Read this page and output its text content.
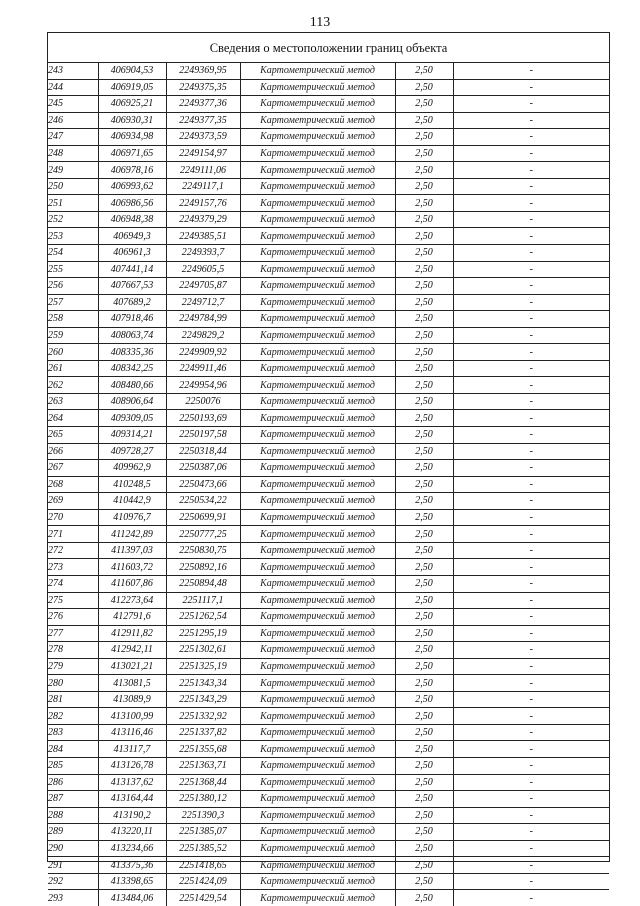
113
Сведения о местоположении границ объекта
243	406904,53	2249369,95	Картометрический метод	2,50	-
244	406919,05	2249375,35	Картометрический метод	2,50	-
245	406925,21	2249377,36	Картометрический метод	2,50	-
246	406930,31	2249377,35	Картометрический метод	2,50	-
247	406934,98	2249373,59	Картометрический метод	2,50	-
248	406971,65	2249154,97	Картометрический метод	2,50	-
249	406978,16	2249111,06	Картометрический метод	2,50	-
250	406993,62	2249117,1	Картометрический метод	2,50	-
251	406986,56	2249157,76	Картометрический метод	2,50	-
252	406948,38	2249379,29	Картометрический метод	2,50	-
253	406949,3	2249385,51	Картометрический метод	2,50	-
254	406961,3	2249393,7	Картометрический метод	2,50	-
255	407441,14	2249605,5	Картометрический метод	2,50	-
256	407667,53	2249705,87	Картометрический метод	2,50	-
257	407689,2	2249712,7	Картометрический метод	2,50	-
258	407918,46	2249784,99	Картометрический метод	2,50	-
259	408063,74	2249829,2	Картометрический метод	2,50	-
260	408335,36	2249909,92	Картометрический метод	2,50	-
261	408342,25	2249911,46	Картометрический метод	2,50	-
262	408480,66	2249954,96	Картометрический метод	2,50	-
263	408906,64	2250076	Картометрический метод	2,50	-
264	409309,05	2250193,69	Картометрический метод	2,50	-
265	409314,21	2250197,58	Картометрический метод	2,50	-
266	409728,27	2250318,44	Картометрический метод	2,50	-
267	409962,9	2250387,06	Картометрический метод	2,50	-
268	410248,5	2250473,66	Картометрический метод	2,50	-
269	410442,9	2250534,22	Картометрический метод	2,50	-
270	410976,7	2250699,91	Картометрический метод	2,50	-
271	411242,89	2250777,25	Картометрический метод	2,50	-
272	411397,03	2250830,75	Картометрический метод	2,50	-
273	411603,72	2250892,16	Картометрический метод	2,50	-
274	411607,86	2250894,48	Картометрический метод	2,50	-
275	412273,64	2251117,1	Картометрический метод	2,50	-
276	412791,6	2251262,54	Картометрический метод	2,50	-
277	412911,82	2251295,19	Картометрический метод	2,50	-
278	412942,11	2251302,61	Картометрический метод	2,50	-
279	413021,21	2251325,19	Картометрический метод	2,50	-
280	413081,5	2251343,34	Картометрический метод	2,50	-
281	413089,9	2251343,29	Картометрический метод	2,50	-
282	413100,99	2251332,92	Картометрический метод	2,50	-
283	413116,46	2251337,82	Картометрический метод	2,50	-
284	413117,7	2251355,68	Картометрический метод	2,50	-
285	413126,78	2251363,71	Картометрический метод	2,50	-
286	413137,62	2251368,44	Картометрический метод	2,50	-
287	413164,44	2251380,12	Картометрический метод	2,50	-
288	413190,2	2251390,3	Картометрический метод	2,50	-
289	413220,11	2251385,07	Картометрический метод	2,50	-
290	413234,66	2251385,52	Картометрический метод	2,50	-
291	413375,36	2251418,65	Картометрический метод	2,50	-
292	413398,65	2251424,09	Картометрический метод	2,50	-
293	413484,06	2251429,54	Картометрический метод	2,50	-
